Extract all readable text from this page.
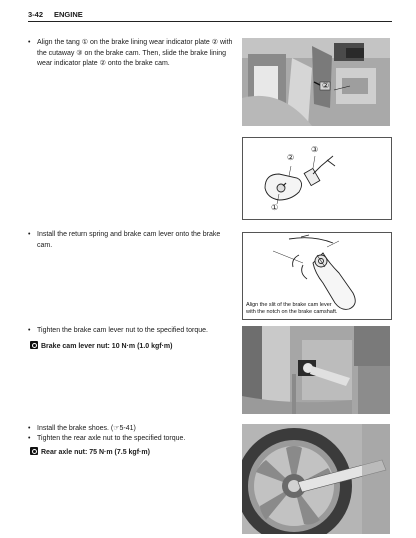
3-42 ENGINE
• Align the tang ① on the brake lining wear indicator plate ② with the cutaway ③ on the brake cam. Then, slide the brake lining wear indicator plate ② onto the brake cam.
②
②
③
①
• Install the return spring and brake cam lever onto the brake cam.
Align the slit of the brake cam lever with the notch on the brake camshaft.
• Tighten the brake cam lever nut to the specified torque.
Brake cam lever nut: 10 N·m (1.0 kgf·m)
• Install the brake shoes. (☞5-41)
• Tighten the rear axle nut to the specified torque.
Rear axle nut: 75 N·m (7.5 kgf·m)
